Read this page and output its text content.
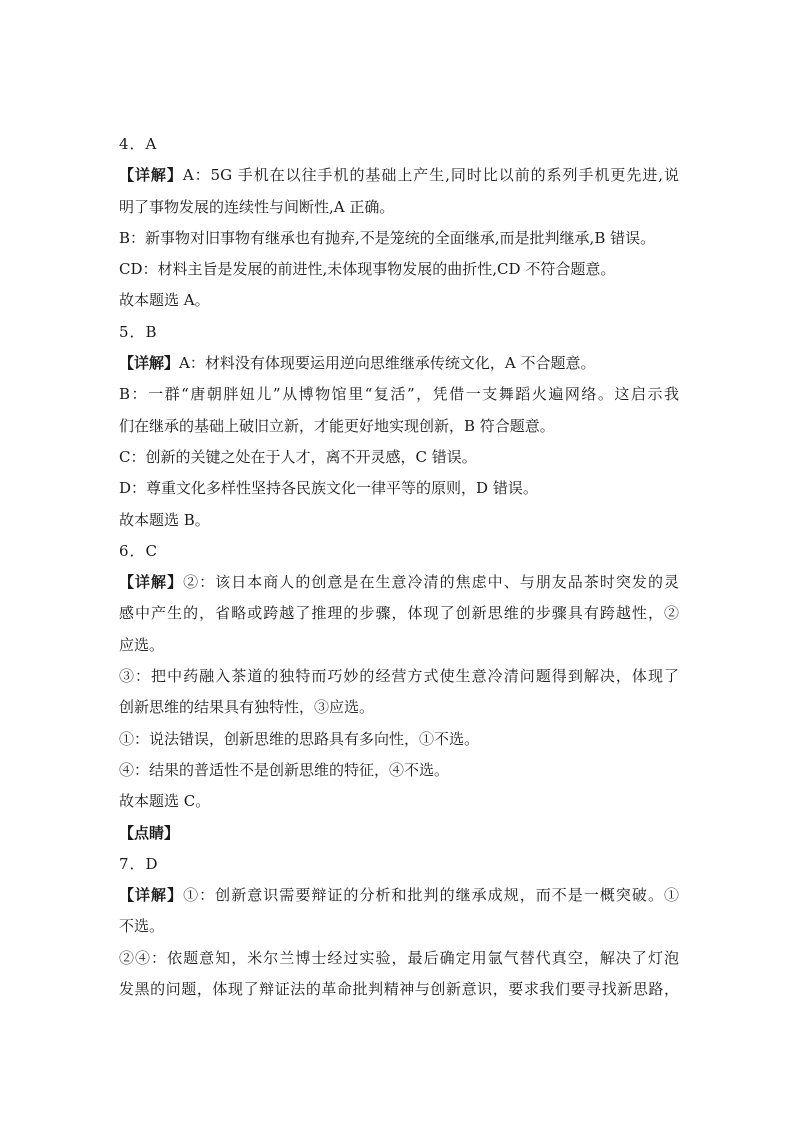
4．A
【详解】A：5G 手机在以往手机的基础上产生,同时比以前的系列手机更先进,说
明了事物发展的连续性与间断性,A 正确。
B：新事物对旧事物有继承也有抛弃,不是笼统的全面继承,而是批判继承,B 错误。
CD：材料主旨是发展的前进性,未体现事物发展的曲折性,CD 不符合题意。
故本题选 A。
5．B
【详解】A：材料没有体现要运用逆向思维继承传统文化，A 不合题意。
B：一群“唐朝胖妞儿”从博物馆里“复活”，凭借一支舞蹈火遍网络。这启示我
们在继承的基础上破旧立新，才能更好地实现创新，B 符合题意。
C：创新的关键之处在于人才，离不开灵感，C 错误。
D：尊重文化多样性坚持各民族文化一律平等的原则，D 错误。
故本题选 B。
6．C
【详解】②：该日本商人的创意是在生意冷清的焦虑中、与朋友品茶时突发的灵
感中产生的，省略或跨越了推理的步骤，体现了创新思维的步骤具有跨越性，②
应选。
③：把中药融入茶道的独特而巧妙的经营方式使生意冷清问题得到解决，体现了
创新思维的结果具有独特性，③应选。
①：说法错误，创新思维的思路具有多向性，①不选。
④：结果的普适性不是创新思维的特征，④不选。
故本题选 C。
【点睛】
7．D
【详解】①：创新意识需要辩证的分析和批判的继承成规，而不是一概突破。①
不选。
②④：依题意知，米尔兰博士经过实验，最后确定用氩气替代真空，解决了灯泡
发黑的问题，体现了辩证法的革命批判精神与创新意识，要求我们要寻找新思路，
